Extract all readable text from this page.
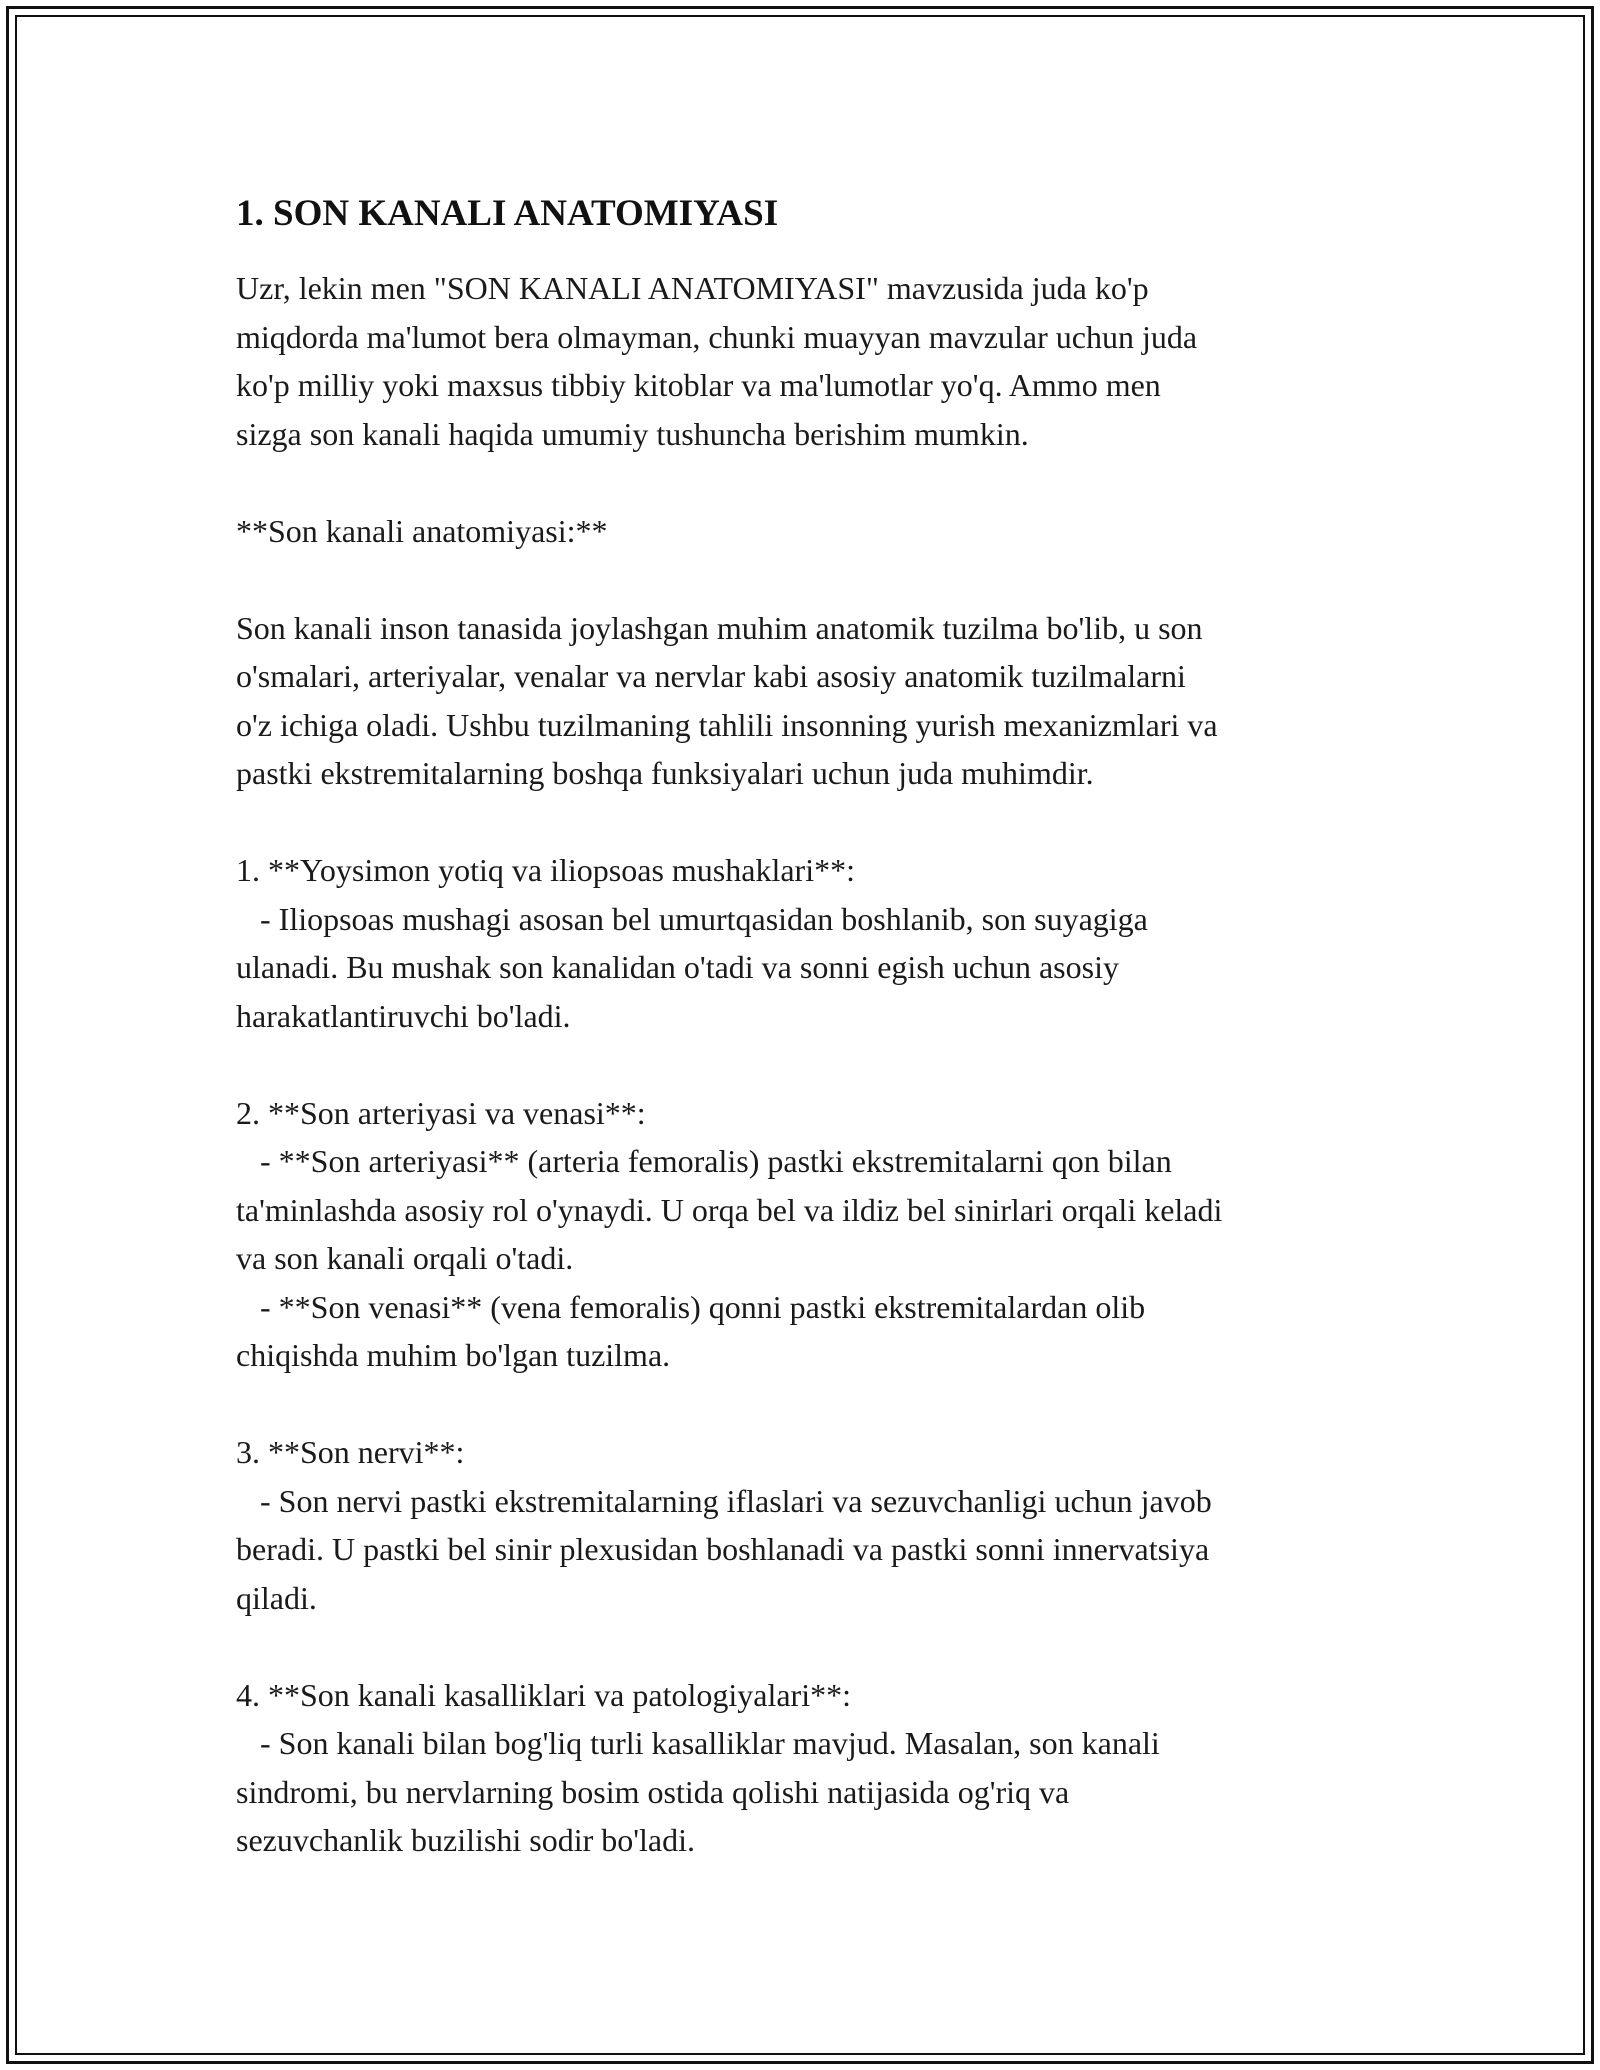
1. SON KANALI ANATOMIYASI

Uzr, lekin men "SON KANALI ANATOMIYASI" mavzusida juda ko'p
miqdorda ma'lumot bera olmayman, chunki muayyan mavzular uchun juda
ko'p milliy yoki maxsus tibbiy kitoblar va ma'lumotlar yo'q. Ammo men
sizga son kanali haqida umumiy tushuncha berishim mumkin.

**Son kanali anatomiyasi:**

Son kanali inson tanasida joylashgan muhim anatomik tuzilma bo'lib, u son
o'smalari, arteriyalar, venalar va nervlar kabi asosiy anatomik tuzilmalarni
o'z ichiga oladi. Ushbu tuzilmaning tahlili insonning yurish mexanizmlari va
pastki ekstremitalarning boshqa funksiyalari uchun juda muhimdir.

1. **Yoysimon yotiq va iliopsoas mushaklari**:

- Iliopsoas mushagi asosan bel umurtqasidan boshlanib, son suyagiga
ulanadi. Bu mushak son kanalidan o'tadi va sonni egish uchun asosiy
harakatlantiruvchi bo'ladi.

2. **Son arteriyasi va venasi**:

- **Son arteriyasi** (arteria femoralis) pastki ekstremitalarni qon bilan
ta'minlashda asosiy rol o'ynaydi. U orqa bel va ildiz bel sinirlari orqali keladi
va son kanali orqali o'tadi.
- **Son venasi** (vena femoralis) qonni pastki ekstremitalardan olib
chiqishda muhim bo'lgan tuzilma.

3. **Son nervi**:

- Son nervi pastki ekstremitalarning iflaslari va sezuvchanligi uchun javob
beradi. U pastki bel sinir plexusidan boshlanadi va pastki sonni innervatsiya
qiladi.

4. **Son kanali kasalliklari va patologiyalari**:

- Son kanali bilan bog'liq turli kasalliklar mavjud. Masalan, son kanali
sindromi, bu nervlarning bosim ostida qolishi natijasida og'riq va
sezuvchanlik buzilishi sodir bo'ladi.
